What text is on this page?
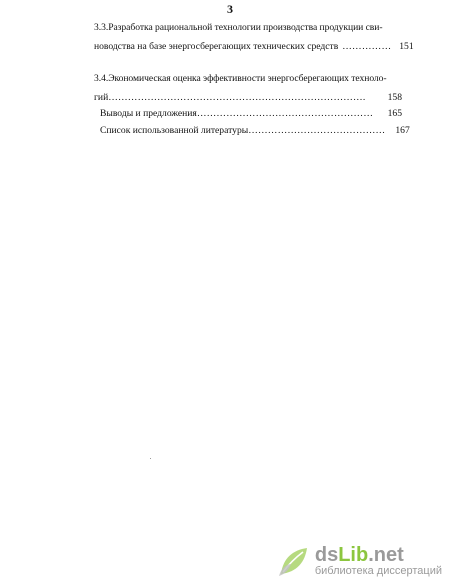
3
3.3.Разработка рациональной технологии производства продукции сви-
новодства на базе энергосберегающих технических средств …………… 151
3.4.Экономическая оценка эффективности энергосберегающих техноло-
гий …………………………………………………………………….	158
Выводы и предложения ………………………………………………	165
Список использованной литературы ……………………………………	167
dsLib.net
библиотека диссертаций
